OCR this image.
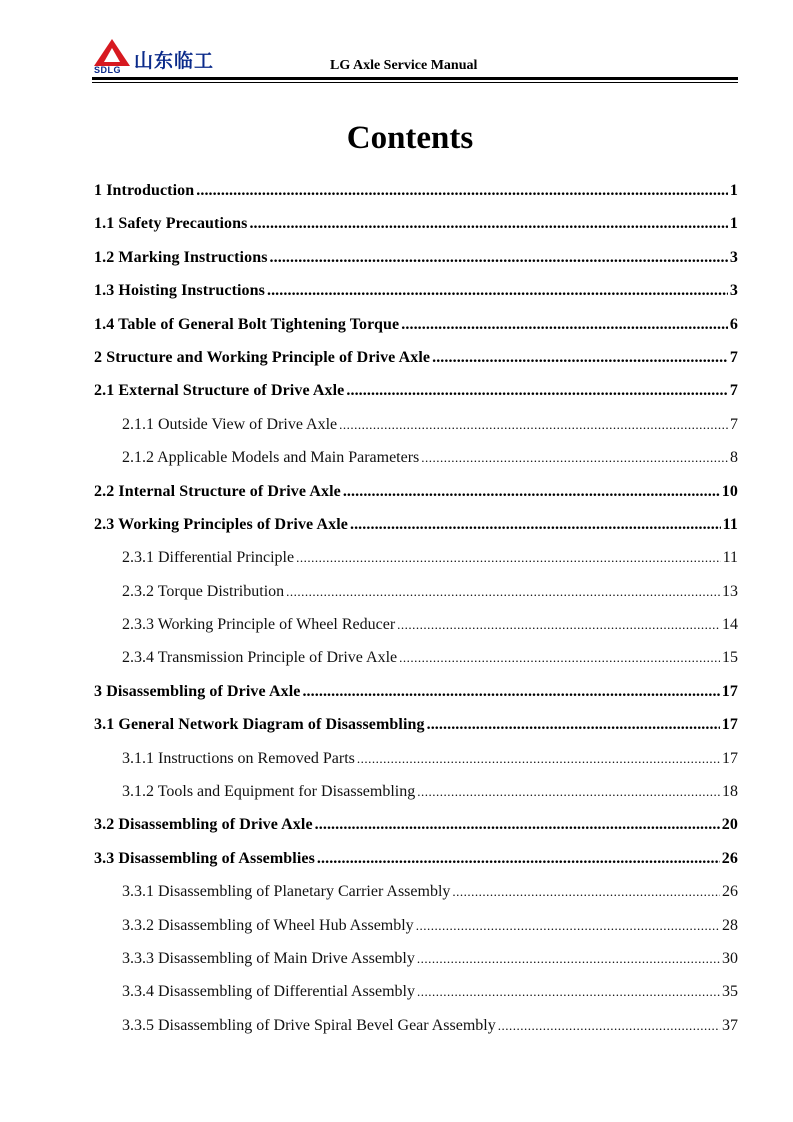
山东临工
SDLG	LG Axle Service Manual
Contents
1 Introduction .....	1
1.1 Safety Precautions .....	1
1.2 Marking Instructions .....	3
1.3 Hoisting Instructions .....	3
1.4 Table of General Bolt Tightening Torque .....	6
2 Structure and Working Principle of Drive Axle .....	7
2.1 External Structure of Drive Axle .....	7
2.1.1 Outside View of Drive Axle .....	7
2.1.2 Applicable Models and Main Parameters .....	8
2.2 Internal Structure of Drive Axle .....	10
2.3 Working Principles of Drive Axle .....	11
2.3.1 Differential Principle .....	11
2.3.2 Torque Distribution .....	13
2.3.3 Working Principle of Wheel Reducer .....	14
2.3.4 Transmission Principle of Drive Axle .....	15
3 Disassembling of Drive Axle .....	17
3.1 General Network Diagram of Disassembling .....	17
3.1.1 Instructions on Removed Parts .....	17
3.1.2 Tools and Equipment for Disassembling .....	18
3.2 Disassembling of Drive Axle .....	20
3.3 Disassembling of Assemblies .....	26
3.3.1 Disassembling of Planetary Carrier Assembly .....	26
3.3.2 Disassembling of Wheel Hub Assembly .....	28
3.3.3 Disassembling of Main Drive Assembly .....	30
3.3.4 Disassembling of Differential Assembly .....	35
3.3.5 Disassembling of Drive Spiral Bevel Gear Assembly .....	37
